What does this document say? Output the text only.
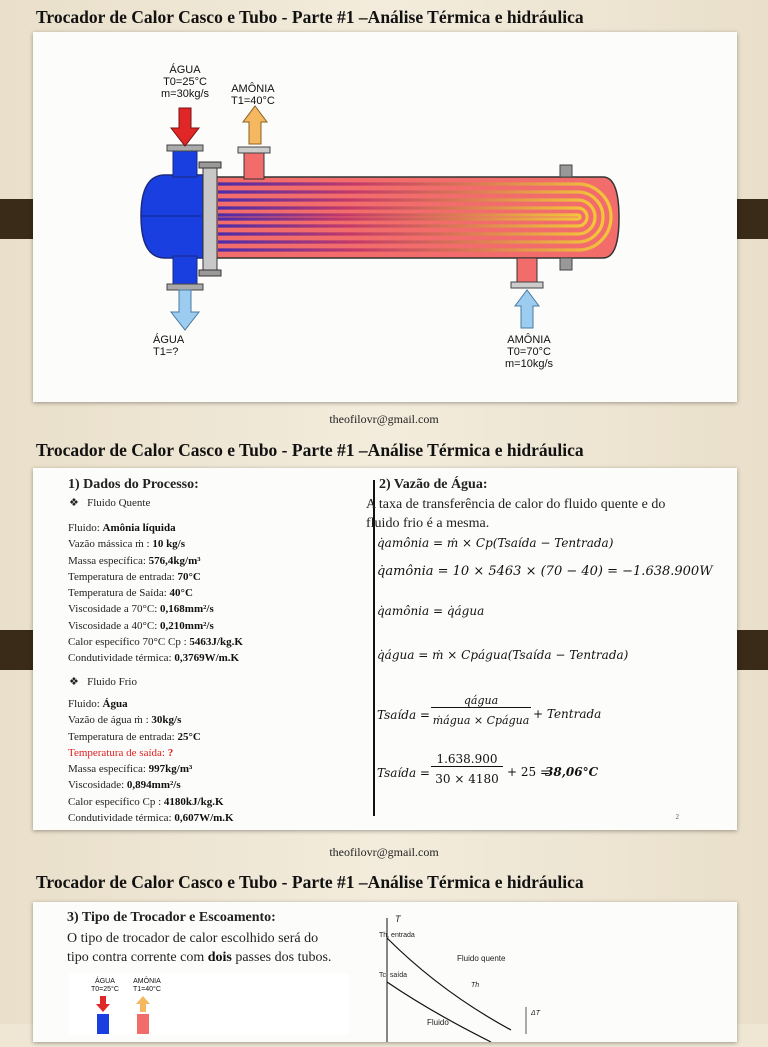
Trocador de Calor Casco e Tubo - Parte #1 –Análise Térmica e hidráulica
ÁGUA
T0=25°C
m=30kg/s AMÔNIA
T1=40°C
ÁGUA
T1=?
AMÔNIA
T0=70°C
m=10kg/s
theofilovr@gmail.com
Trocador de Calor Casco e Tubo - Parte #1 –Análise Térmica e hidráulica
1) Dados do Processo:
❖   Fluido Quente
Fluido: Amônia líquida
Vazão mássica ṁ : 10 kg/s
Massa específica: 576,4kg/m³
Temperatura de entrada: 70°C
Temperatura de Saída: 40°C
Viscosidade a 70°C: 0,168mm²/s
Viscosidade a 40°C: 0,210mm²/s
Calor específico 70°C Cp : 5463J/kg.K
Condutividade térmica: 0,3769W/m.K
❖   Fluido Frio
Fluido: Água
Vazão de água ṁ : 30kg/s
Temperatura de entrada: 25°C
Temperatura de saída: ?
Massa específica: 997kg/m³
Viscosidade: 0,894mm²/s
Calor específico Cp : 4180kJ/kg.K
Condutividade térmica: 0,607W/m.K
2) Vazão de Água:
A taxa de transferência de calor do fluido quente e do
fluido frio é a mesma.
q̇amônia = ṁ × Cp(Tsaída − Tentrada)
q̇amônia = 10 × 5463 × (70 − 40) = −1.638.900W
q̇amônia = q̇água
q̇água = ṁ × Cpágua(Tsaída − Tentrada)
Tsaída =
qágua
ṁágua × Cpágua + Tentrada
Tsaída =
1.638.900
30 × 4180 + 25 =
38,06°C
2
theofilovr@gmail.com
Trocador de Calor Casco e Tubo - Parte #1 –Análise Térmica e hidráulica
3) Tipo de Trocador e Escoamento:
O tipo de trocador de calor escolhido será do
tipo contra corrente com dois passes dos tubos.
ÁGUA
T0=25°C
AMÔNIA
T1=40°C
T
Th, entrada
Tc, saída
Fluido quente
Th
ΔT
Fluido
